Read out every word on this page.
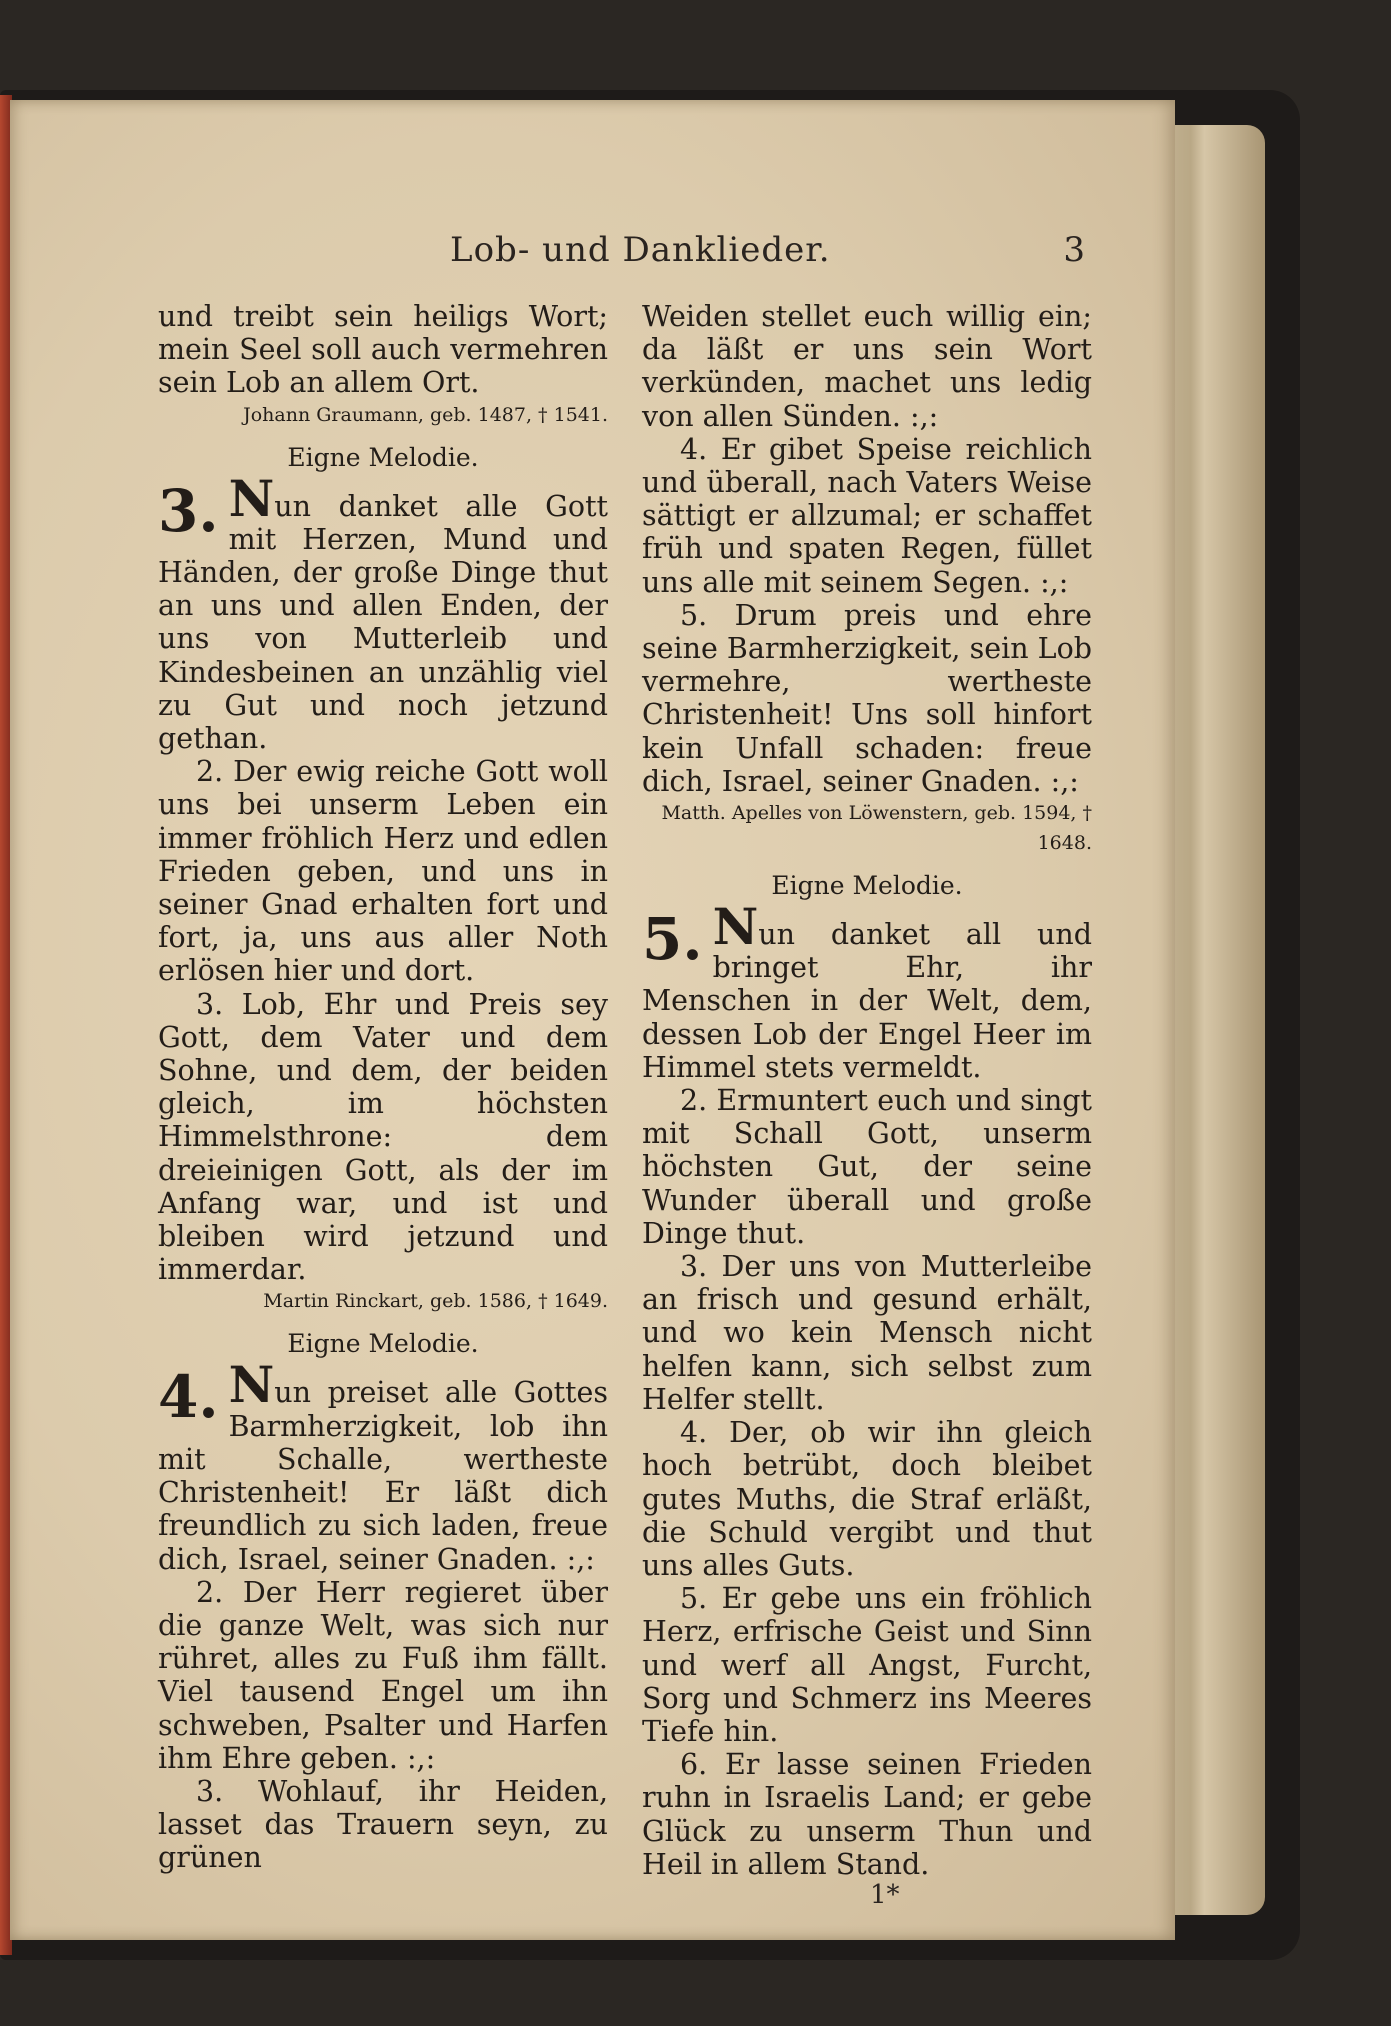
Lob- und Danklieder.	3

und treibt sein heiligs Wort; mein Seel soll auch vermehren sein Lob an allem Ort.

Johann Graumann, geb. 1487, † 1541.

Eigne Melodie.

3. Nun danket alle Gott mit Herzen, Mund und Händen, der große Dinge thut an uns und allen Enden, der uns von Mutterleib und Kindesbeinen an unzählig viel zu Gut und noch jetzund gethan.

2. Der ewig reiche Gott woll uns bei unserm Leben ein immer fröhlich Herz und edlen Frieden geben, und uns in seiner Gnad erhalten fort und fort, ja, uns aus aller Noth erlösen hier und dort.

3. Lob, Ehr und Preis sey Gott, dem Vater und dem Sohne, und dem, der beiden gleich, im höchsten Himmelsthrone: dem dreieinigen Gott, als der im Anfang war, und ist und bleiben wird jetzund und immerdar.

Martin Rinckart, geb. 1586, † 1649.

Eigne Melodie.

4. Nun preiset alle Gottes Barmherzigkeit, lob ihn mit Schalle, wertheste Christenheit! Er läßt dich freundlich zu sich laden, freue dich, Israel, seiner Gnaden. :,:

2. Der Herr regieret über die ganze Welt, was sich nur rühret, alles zu Fuß ihm fällt. Viel tausend Engel um ihn schweben, Psalter und Harfen ihm Ehre geben. :,:

3. Wohlauf, ihr Heiden, lasset das Trauern seyn, zu grünen

Weiden stellet euch willig ein; da läßt er uns sein Wort verkünden, machet uns ledig von allen Sünden. :,:

4. Er gibet Speise reichlich und überall, nach Vaters Weise sättigt er allzumal; er schaffet früh und spaten Regen, füllet uns alle mit seinem Segen. :,:

5. Drum preis und ehre seine Barmherzigkeit, sein Lob vermehre, wertheste Christenheit! Uns soll hinfort kein Unfall schaden: freue dich, Israel, seiner Gnaden. :,:

Matth. Apelles von Löwenstern, geb. 1594, † 1648.

Eigne Melodie.

5. Nun danket all und bringet Ehr, ihr Menschen in der Welt, dem, dessen Lob der Engel Heer im Himmel stets vermeldt.

2. Ermuntert euch und singt mit Schall Gott, unserm höchsten Gut, der seine Wunder überall und große Dinge thut.

3. Der uns von Mutterleibe an frisch und gesund erhält, und wo kein Mensch nicht helfen kann, sich selbst zum Helfer stellt.

4. Der, ob wir ihn gleich hoch betrübt, doch bleibet gutes Muths, die Straf erläßt, die Schuld vergibt und thut uns alles Guts.

5. Er gebe uns ein fröhlich Herz, erfrische Geist und Sinn und werf all Angst, Furcht, Sorg und Schmerz ins Meeres Tiefe hin.

6. Er lasse seinen Frieden ruhn in Israelis Land; er gebe Glück zu unserm Thun und Heil in allem Stand.

1*
